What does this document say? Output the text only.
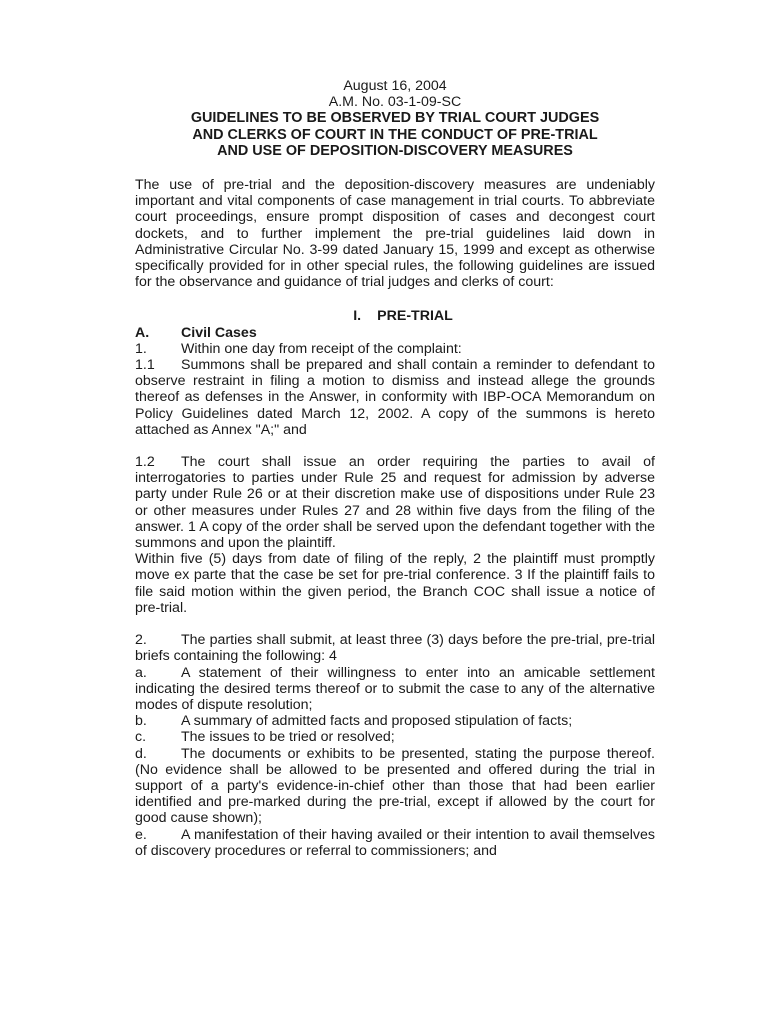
August 16, 2004
A.M. No. 03-1-09-SC
GUIDELINES TO BE OBSERVED BY TRIAL COURT JUDGES
AND CLERKS OF COURT IN THE CONDUCT OF PRE-TRIAL
AND USE OF DEPOSITION-DISCOVERY MEASURES

The use of pre-trial and the deposition-discovery measures are undeniably important and vital components of case management in trial courts. To abbreviate court proceedings, ensure prompt disposition of cases and decongest court dockets, and to further implement the pre-trial guidelines laid down in Administrative Circular No. 3-99 dated January 15, 1999 and except as otherwise specifically provided for in other special rules, the following guidelines are issued for the observance and guidance of trial judges and clerks of court:

I. PRE-TRIAL
A. Civil Cases

1. Within one day from receipt of the complaint:

1.1 Summons shall be prepared and shall contain a reminder to defendant to observe restraint in filing a motion to dismiss and instead allege the grounds thereof as defenses in the Answer, in conformity with IBP-OCA Memorandum on Policy Guidelines dated March 12, 2002. A copy of the summons is hereto attached as Annex "A;" and

1.2 The court shall issue an order requiring the parties to avail of interrogatories to parties under Rule 25 and request for admission by adverse party under Rule 26 or at their discretion make use of dispositions under Rule 23 or other measures under Rules 27 and 28 within five days from the filing of the answer. 1 A copy of the order shall be served upon the defendant together with the summons and upon the plaintiff.

Within five (5) days from date of filing of the reply, 2 the plaintiff must promptly move ex parte that the case be set for pre-trial conference. 3 If the plaintiff fails to file said motion within the given period, the Branch COC shall issue a notice of pre-trial.

2. The parties shall submit, at least three (3) days before the pre-trial, pre-trial briefs containing the following: 4

a. A statement of their willingness to enter into an amicable settlement indicating the desired terms thereof or to submit the case to any of the alternative modes of dispute resolution;

b. A summary of admitted facts and proposed stipulation of facts;

c. The issues to be tried or resolved;

d. The documents or exhibits to be presented, stating the purpose thereof. (No evidence shall be allowed to be presented and offered during the trial in support of a party's evidence-in-chief other than those that had been earlier identified and pre-marked during the pre-trial, except if allowed by the court for good cause shown);

e. A manifestation of their having availed or their intention to avail themselves of discovery procedures or referral to commissioners; and
